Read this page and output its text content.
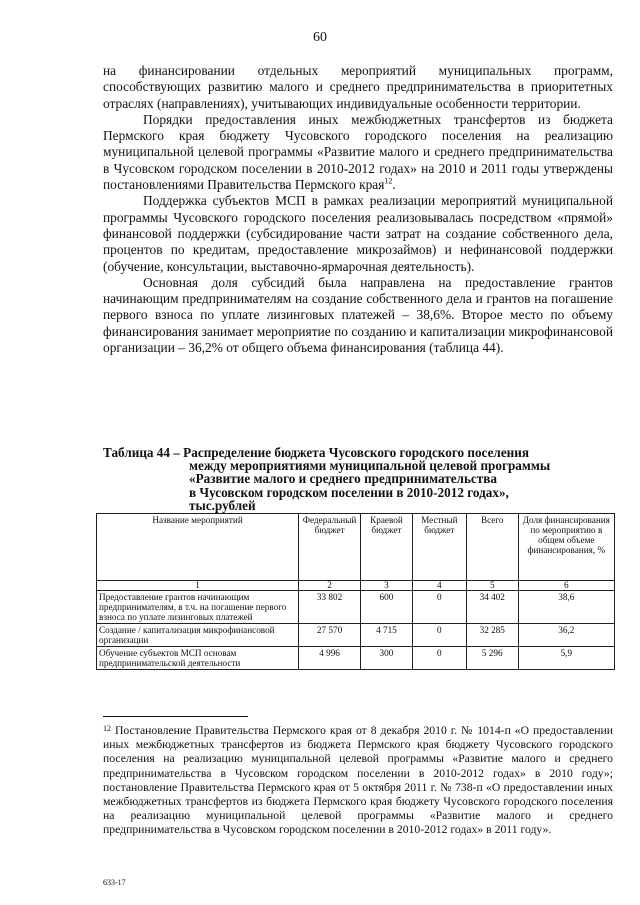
60

на финансировании отдельных мероприятий муниципальных программ, способствующих развитию малого и среднего предпринимательства в приоритетных отраслях (направлениях), учитывающих индивидуальные особенности территории.

Порядки предоставления иных межбюджетных трансфертов из бюджета Пермского края бюджету Чусовского городского поселения на реализацию муниципальной целевой программы «Развитие малого и среднего предпринимательства в Чусовском городском поселении в 2010-2012 годах» на 2010 и 2011 годы утверждены постановлениями Правительства Пермского края$^{12}$.

Поддержка субъектов МСП в рамках реализации мероприятий муниципальной программы Чусовского городского поселения реализовывалась посредством «прямой» финансовой поддержки (субсидирование части затрат на создание собственного дела, процентов по кредитам, предоставление микрозаймов) и нефинансовой поддержки (обучение, консультации, выставочно-ярмарочная деятельность).

Основная доля субсидий была направлена на предоставление грантов начинающим предпринимателям на создание собственного дела и грантов на погашение первого взноса по уплате лизинговых платежей – 38,6%. Второе место по объему финансирования занимает мероприятие по созданию и капитализации микрофинансовой организации – 36,2% от общего объема финансирования (таблица 44).

Таблица 44 – Распределение бюджета Чусовского городского поселения
между мероприятиями муниципальной целевой программы
«Развитие малого и среднего предпринимательства
в Чусовском городском поселении в 2010-2012 годах»,
тыс.рублей
Название мероприятий	Федеральный бюджет	Краевой бюджет	Местный бюджет	Всего	Доля финансирования по мероприятию в общем объеме финансирования, %
1	2	3	4	5	6
Предоставление грантов начинающим предпринимателям, в т.ч. на погашение первого взноса по уплате лизинговых платежей	33 802	600	0	34 402	38,6
Создание / капитализация микрофинансовой организации	27 570	4 715	0	32 285	36,2
Обучение субъектов МСП основам предпринимательской деятельности	4 996	300	0	5 296	5,9
$^{12}$ Постановление Правительства Пермского края от 8 декабря 2010 г. № 1014-п «О предоставлении иных межбюджетных трансфертов из бюджета Пермского края бюджету Чусовского городского поселения на реализацию муниципальной целевой программы «Развитие малого и среднего предпринимательства в Чусовском городском поселении в 2010-2012 годах» в 2010 году»; постановление Правительства Пермского края от 5 октября 2011 г. № 738-п «О предоставлении иных межбюджетных трансфертов из бюджета Пермского края бюджету Чусовского городского поселения на реализацию муниципальной целевой программы «Развитие малого и среднего предпринимательства в Чусовском городском поселении в 2010-2012 годах» в 2011 году».
633-17
